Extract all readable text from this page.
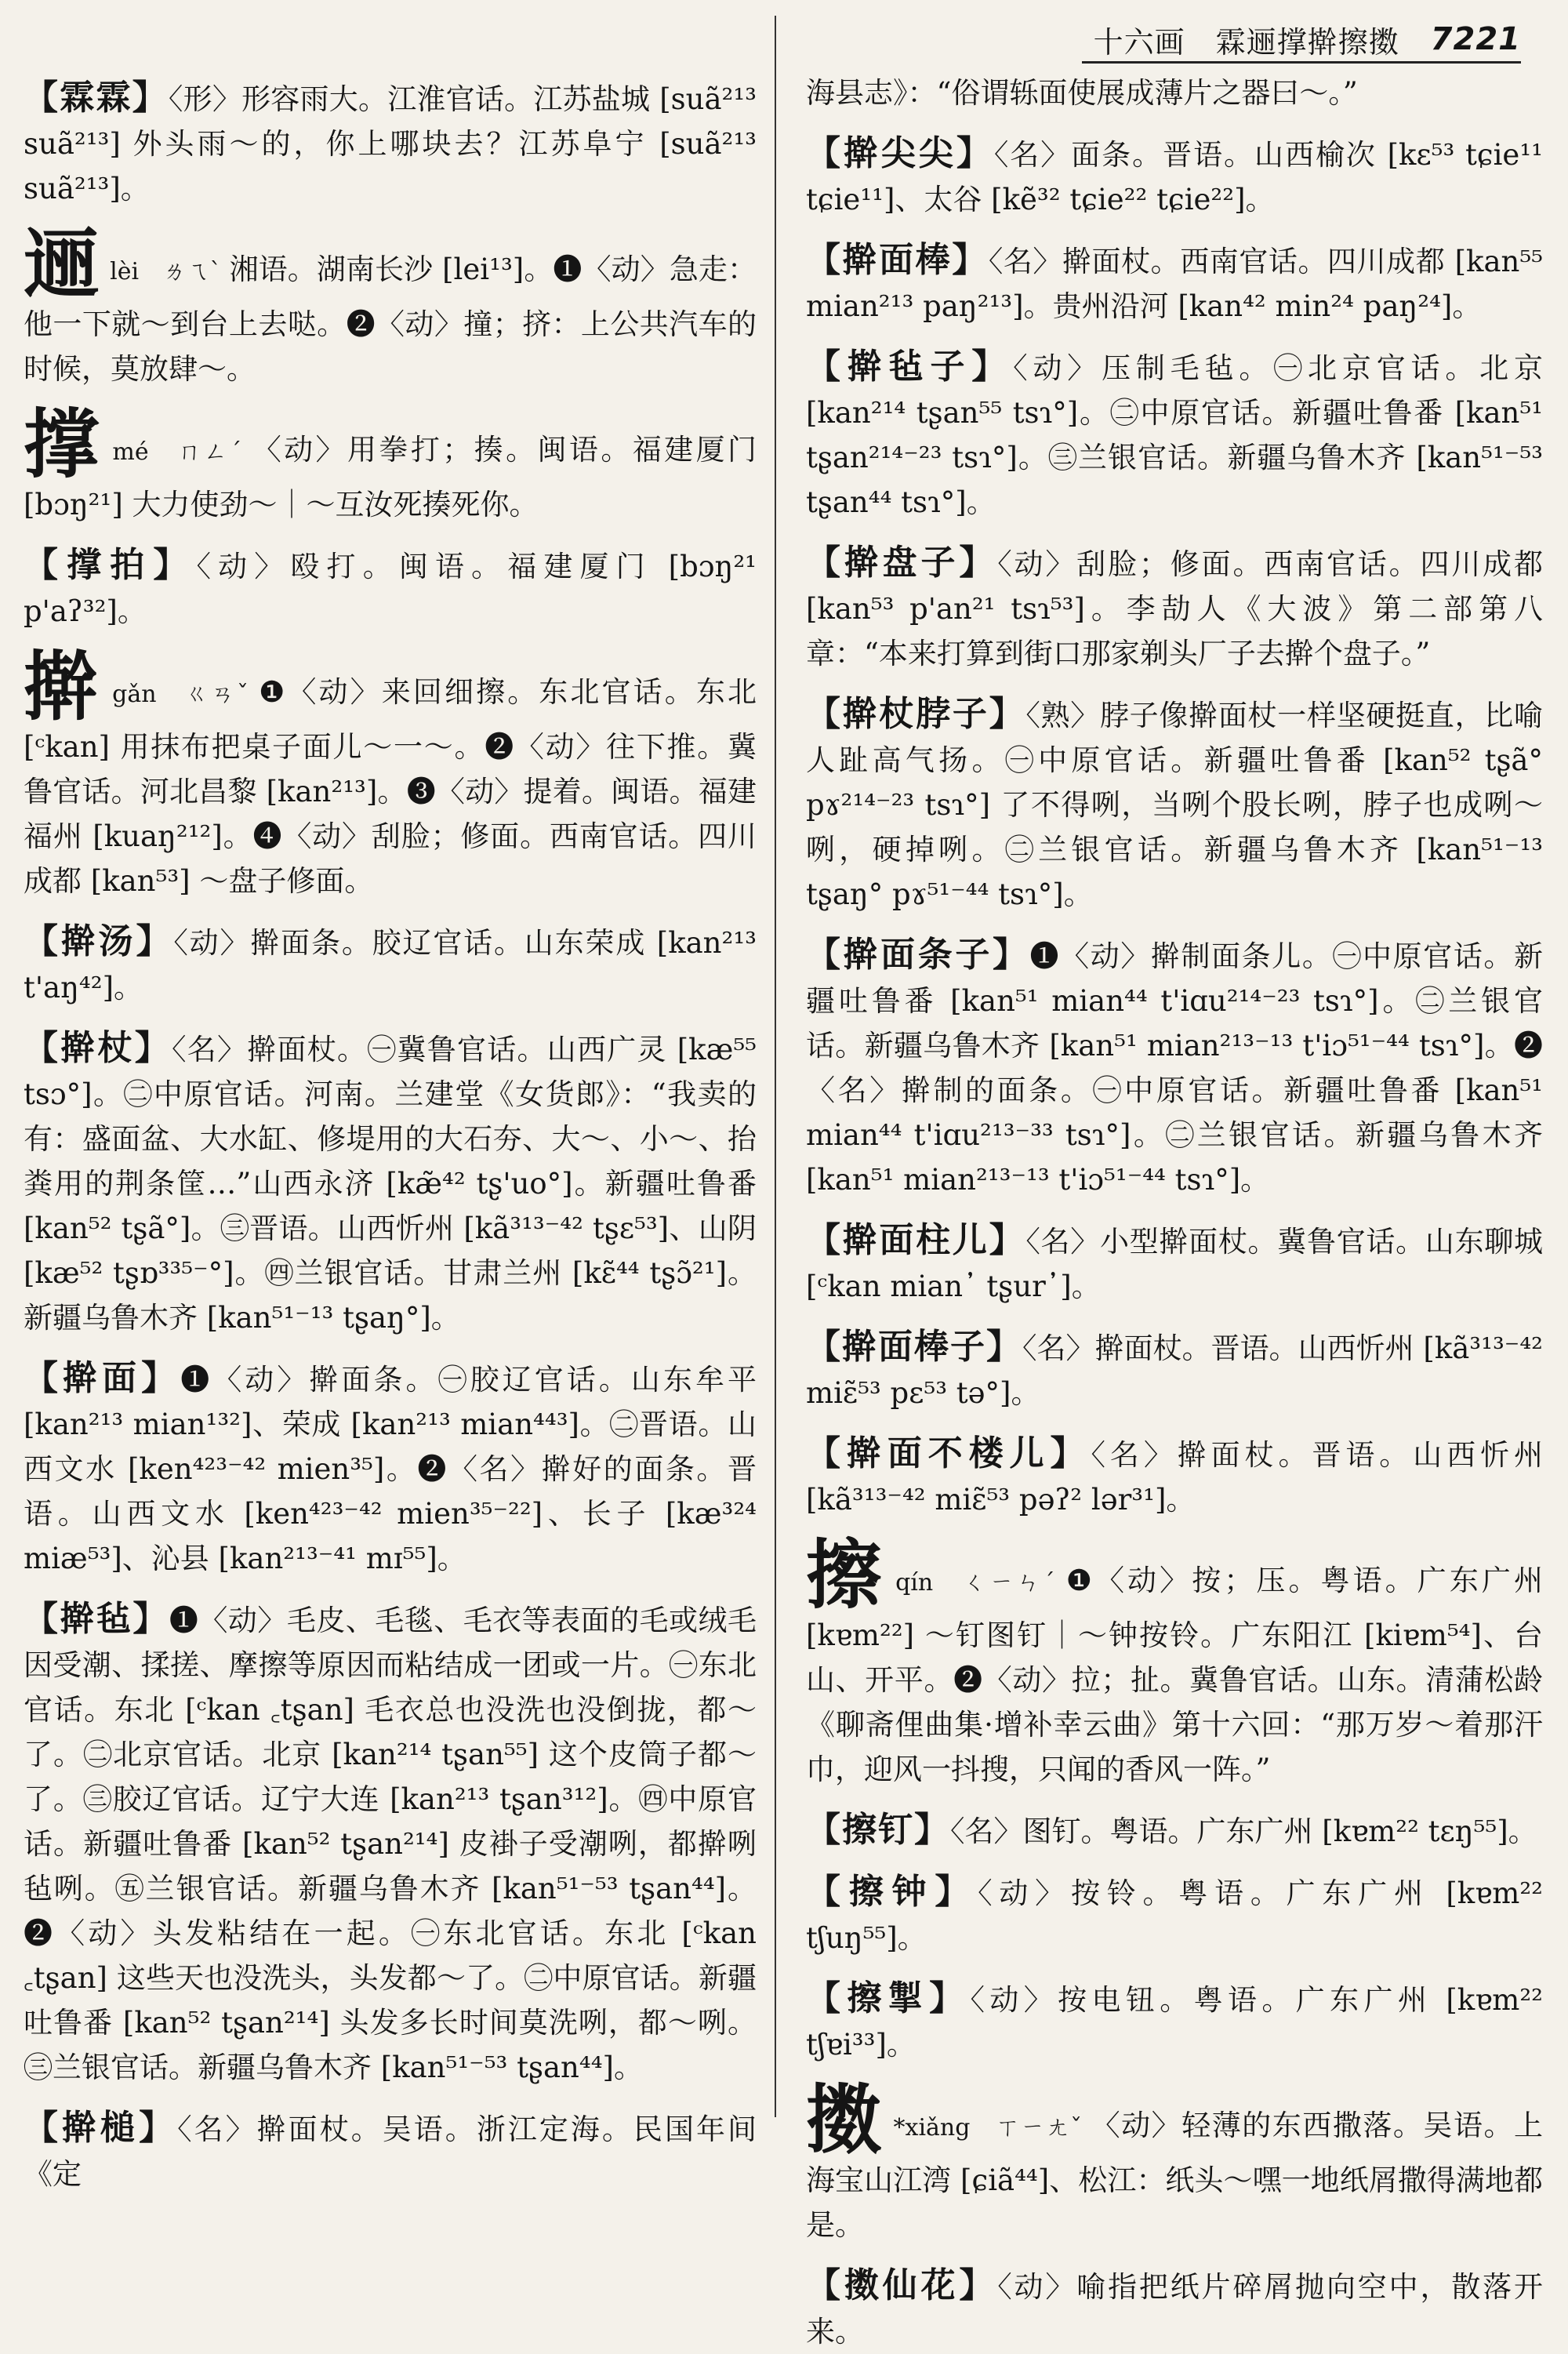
十六画　霖逦撑擀擦擞 7221

【霖霖】〈形〉形容雨大。江淮官话。江苏盐城 [suã²¹³ suã²¹³] 外头雨～的，你上哪块去？江苏阜宁 [suã²¹³ suã²¹³]。

逦lèi　ㄌㄟˋ 湘语。湖南长沙 [lei¹³]。❶〈动〉急走：他一下就～到台上去哒。❷〈动〉撞；挤：上公共汽车的时候，莫放肆～。

撑mé　ㄇㄥˊ 〈动〉用拳打；揍。闽语。福建厦门 [bɔŋ²¹] 大力使劲～｜～互汝死揍死你。

【撑拍】〈动〉殴打。闽语。福建厦门 [bɔŋ²¹ p'aʔ³²]。

擀gǎn　ㄍㄢˇ ❶〈动〉来回细擦。东北官话。东北 [ᶜkan] 用抹布把桌子面儿～一～。❷〈动〉往下推。冀鲁官话。河北昌黎 [kan²¹³]。❸〈动〉提着。闽语。福建福州 [kuaŋ²¹²]。❹〈动〉刮脸；修面。西南官话。四川成都 [kan⁵³] ～盘子修面。

【擀汤】〈动〉擀面条。胶辽官话。山东荣成 [kan²¹³ t'aŋ⁴²]。

【擀杖】〈名〉擀面杖。㊀冀鲁官话。山西广灵 [kæ⁵⁵ tsɔ°]。㊁中原官话。河南。兰建堂《女货郎》：“我卖的有：盛面盆、大水缸、修堤用的大石夯、大～、小～、抬粪用的荆条筐…”山西永济 [kæ̃⁴² tʂ'uo°]。新疆吐鲁番 [kan⁵² tʂã°]。㊂晋语。山西忻州 [kã³¹³⁻⁴² tʂɛ⁵³]、山阴 [kæ⁵² tʂɒ³³⁵⁻°]。㊃兰银官话。甘肃兰州 [kɛ̃⁴⁴ tʂɔ̃²¹]。新疆乌鲁木齐 [kan⁵¹⁻¹³ tʂaŋ°]。

【擀面】❶〈动〉擀面条。㊀胶辽官话。山东牟平 [kan²¹³ mian¹³²]、荣成 [kan²¹³ mian⁴⁴³]。㊁晋语。山西文水 [ken⁴²³⁻⁴² mien³⁵]。❷〈名〉擀好的面条。晋语。山西文水 [ken⁴²³⁻⁴² mien³⁵⁻²²]、长子 [kæ³²⁴ miæ⁵³]、沁县 [kan²¹³⁻⁴¹ mɪ⁵⁵]。

【擀毡】❶〈动〉毛皮、毛毯、毛衣等表面的毛或绒毛因受潮、揉搓、摩擦等原因而粘结成一团或一片。㊀东北官话。东北 [ᶜkan ꜀tʂan] 毛衣总也没洗也没倒拢，都～了。㊁北京官话。北京 [kan²¹⁴ tʂan⁵⁵] 这个皮筒子都～了。㊂胶辽官话。辽宁大连 [kan²¹³ tʂan³¹²]。㊃中原官话。新疆吐鲁番 [kan⁵² tʂan²¹⁴] 皮褂子受潮咧，都擀咧毡咧。㊄兰银官话。新疆乌鲁木齐 [kan⁵¹⁻⁵³ tʂan⁴⁴]。❷〈动〉头发粘结在一起。㊀东北官话。东北 [ᶜkan ꜀tʂan] 这些天也没洗头，头发都～了。㊁中原官话。新疆吐鲁番 [kan⁵² tʂan²¹⁴] 头发多长时间莫洗咧，都～咧。㊂兰银官话。新疆乌鲁木齐 [kan⁵¹⁻⁵³ tʂan⁴⁴]。

【擀槌】〈名〉擀面杖。吴语。浙江定海。民国年间《定

海县志》：“俗谓轹面使展成薄片之器曰～。”

【擀尖尖】〈名〉面条。晋语。山西榆次 [kɛ⁵³ tɕie¹¹ tɕie¹¹]、太谷 [kẽ³² tɕie²² tɕie²²]。

【擀面棒】〈名〉擀面杖。西南官话。四川成都 [kan⁵⁵ mian²¹³ paŋ²¹³]。贵州沿河 [kan⁴² min²⁴ paŋ²⁴]。

【擀毡子】〈动〉压制毛毡。㊀北京官话。北京 [kan²¹⁴ tʂan⁵⁵ tsɿ°]。㊁中原官话。新疆吐鲁番 [kan⁵¹ tʂan²¹⁴⁻²³ tsɿ°]。㊂兰银官话。新疆乌鲁木齐 [kan⁵¹⁻⁵³ tʂan⁴⁴ tsɿ°]。

【擀盘子】〈动〉刮脸；修面。西南官话。四川成都 [kan⁵³ p'an²¹ tsɿ⁵³]。李劼人《大波》第二部第八章：“本来打算到街口那家剃头厂子去擀个盘子。”

【擀杖脖子】〈熟〉脖子像擀面杖一样坚硬挺直，比喻人趾高气扬。㊀中原官话。新疆吐鲁番 [kan⁵² tʂã° pɤ²¹⁴⁻²³ tsɿ°] 了不得咧，当咧个股长咧，脖子也成咧～咧，硬掉咧。㊁兰银官话。新疆乌鲁木齐 [kan⁵¹⁻¹³ tʂaŋ° pɤ⁵¹⁻⁴⁴ tsɿ°]。

【擀面条子】❶〈动〉擀制面条儿。㊀中原官话。新疆吐鲁番 [kan⁵¹ mian⁴⁴ t'iɑu²¹⁴⁻²³ tsɿ°]。㊁兰银官话。新疆乌鲁木齐 [kan⁵¹ mian²¹³⁻¹³ t'iɔ⁵¹⁻⁴⁴ tsɿ°]。❷〈名〉擀制的面条。㊀中原官话。新疆吐鲁番 [kan⁵¹ mian⁴⁴ t'iɑu²¹³⁻³³ tsɿ°]。㊁兰银官话。新疆乌鲁木齐 [kan⁵¹ mian²¹³⁻¹³ t'iɔ⁵¹⁻⁴⁴ tsɿ°]。

【擀面柱儿】〈名〉小型擀面杖。冀鲁官话。山东聊城 [ᶜkan mian᾿ tʂur᾿]。

【擀面棒子】〈名〉擀面杖。晋语。山西忻州 [kã³¹³⁻⁴² miɛ̃⁵³ pɛ⁵³ tə°]。

【擀面不楼儿】〈名〉擀面杖。晋语。山西忻州 [kã³¹³⁻⁴² miɛ̃⁵³ pəʔ² lər³¹]。

擦qín　ㄑㄧㄣˊ ❶〈动〉按；压。粤语。广东广州 [kɐm²²] ～钉图钉｜～钟按铃。广东阳江 [kiɐm⁵⁴]、台山、开平。❷〈动〉拉；扯。冀鲁官话。山东。清蒲松龄《聊斋俚曲集·增补幸云曲》第十六回：“那万岁～着那汗巾，迎风一抖搜，只闻的香风一阵。”

【擦钉】〈名〉图钉。粤语。广东广州 [kɐm²² tɛŋ⁵⁵]。

【擦钟】〈动〉按铃。粤语。广东广州 [kɐm²² tʃuŋ⁵⁵]。

【擦掣】〈动〉按电钮。粤语。广东广州 [kɐm²² tʃɐi³³]。

擞 *xiǎng　ㄒㄧㄤˇ 〈动〉轻薄的东西撒落。吴语。上海宝山江湾 [ɕiã⁴⁴]、松江：纸头～嘿一地纸屑撒得满地都是。

【擞仙花】〈动〉喻指把纸片碎屑抛向空中，散落开来。
